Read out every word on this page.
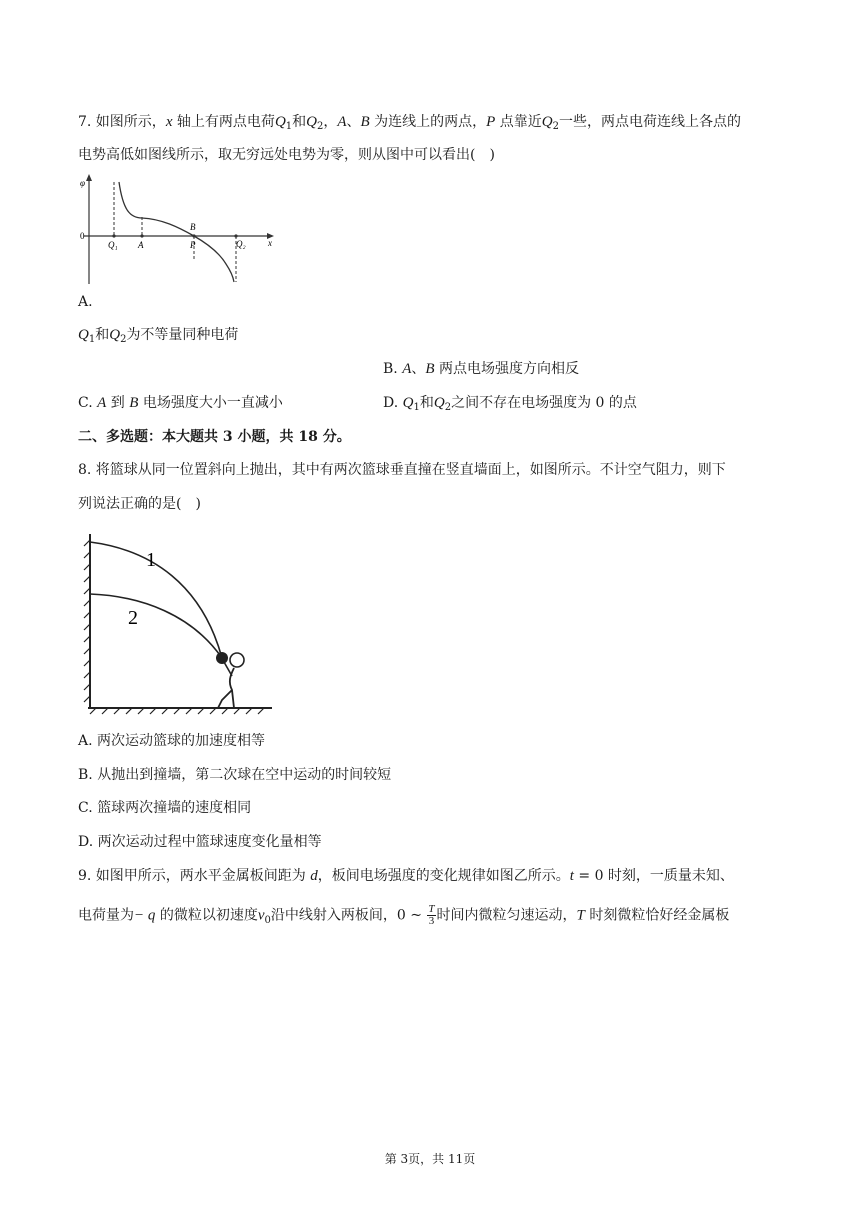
7. 如图所示，x 轴上有两点电荷$Q_1$和$Q_2$，A、B 为连线上的两点，P 点靠近$Q_2$一些，两点电荷连线上各点的
电势高低如图线所示，取无穷远处电势为零，则从图中可以看出(　)
φ
0
x
Q₁ A	P
B
Q₂
A.
$Q_1$和$Q_2$为不等量同种电荷
B. A、B 两点电场强度方向相反
C. A 到 B 电场强度大小一直减小	D. $Q_1$和$Q_2$之间不存在电场强度为 0 的点
二、多选题：本大题共 3 小题，共 18 分。
8. 将篮球从同一位置斜向上抛出，其中有两次篮球垂直撞在竖直墙面上，如图所示。不计空气阻力，则下
列说法正确的是(　)
1
2
A. 两次运动篮球的加速度相等
B. 从抛出到撞墙，第二次球在空中运动的时间较短
C. 篮球两次撞墙的速度相同
D. 两次运动过程中篮球速度变化量相等
9. 如图甲所示，两水平金属板间距为 d，板间电场强度的变化规律如图乙所示。t = 0 时刻，一质量未知、
电荷量为− q 的微粒以初速度$v_0$沿中线射入两板间，0 ~ $\frac{T}{3}$ 时间内微粒匀速运动，T 时刻微粒恰好经金属板
第 3页，共 11页
